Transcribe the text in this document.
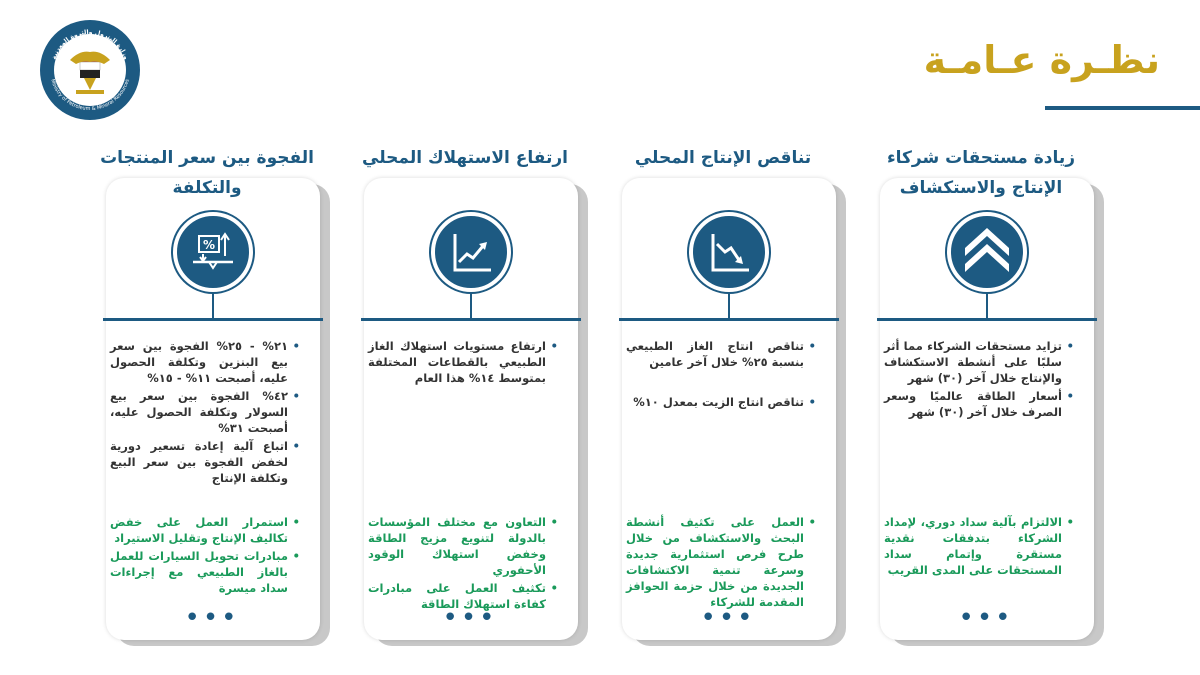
وزارة البترول والثروة المعدنية
Ministry of Petroleum & Mineral Resources	نظـرة عـامـة
زيادة مستحقات شركاء الإنتاج والاستكشاف
• تزايد مستحقات الشركاء مما أثر سلبًا على أنشطة الاستكشاف والإنتاج خلال آخر (٣٠) شهر
• أسعار الطاقة عالميًا وسعر الصرف خلال آخر (٣٠) شهر
• الالتزام بآلية سداد دوري، لإمداد الشركاء بتدفقات نقدية مستقرة وإتمام سداد المستحقات على المدى القريب
•••
تناقص الإنتاج المحلي
• تناقص انتاج الغاز الطبيعي بنسبة ٢٥% خلال آخر عامين
• تناقص انتاج الزيت بمعدل ١٠%
• العمل على تكثيف أنشطة البحث والاستكشاف من خلال طرح فرص استثمارية جديدة وسرعة تنمية الاكتشافات الجديدة من خلال حزمة الحوافز المقدمة للشركاء
•••
ارتفاع الاستهلاك المحلي
• ارتفاع مستويات استهلاك الغاز الطبيعي بالقطاعات المختلفة بمتوسط ١٤% هذا العام
• التعاون مع مختلف المؤسسات بالدولة لتنويع مزيج الطاقة وخفض استهلاك الوقود الأحفوري
• تكثيف العمل على مبادرات كفاءة استهلاك الطاقة
•••
الفجوة بين سعر المنتجات والتكلفة
%
• ٢١% - ٢٥% الفجوة بين سعر بيع البنزين وتكلفة الحصول عليه، أصبحت ١١% - ١٥%
• ٤٢% الفجوة بين سعر بيع السولار وتكلفة الحصول عليه، أصبحت ٣١%
• اتباع آلية إعادة تسعير دورية لخفض الفجوة بين سعر البيع وتكلفة الإنتاج
• استمرار العمل على خفض تكاليف الإنتاج وتقليل الاستيراد
• مبادرات تحويل السيارات للعمل بالغاز الطبيعي مع إجراءات سداد ميسرة
•••
